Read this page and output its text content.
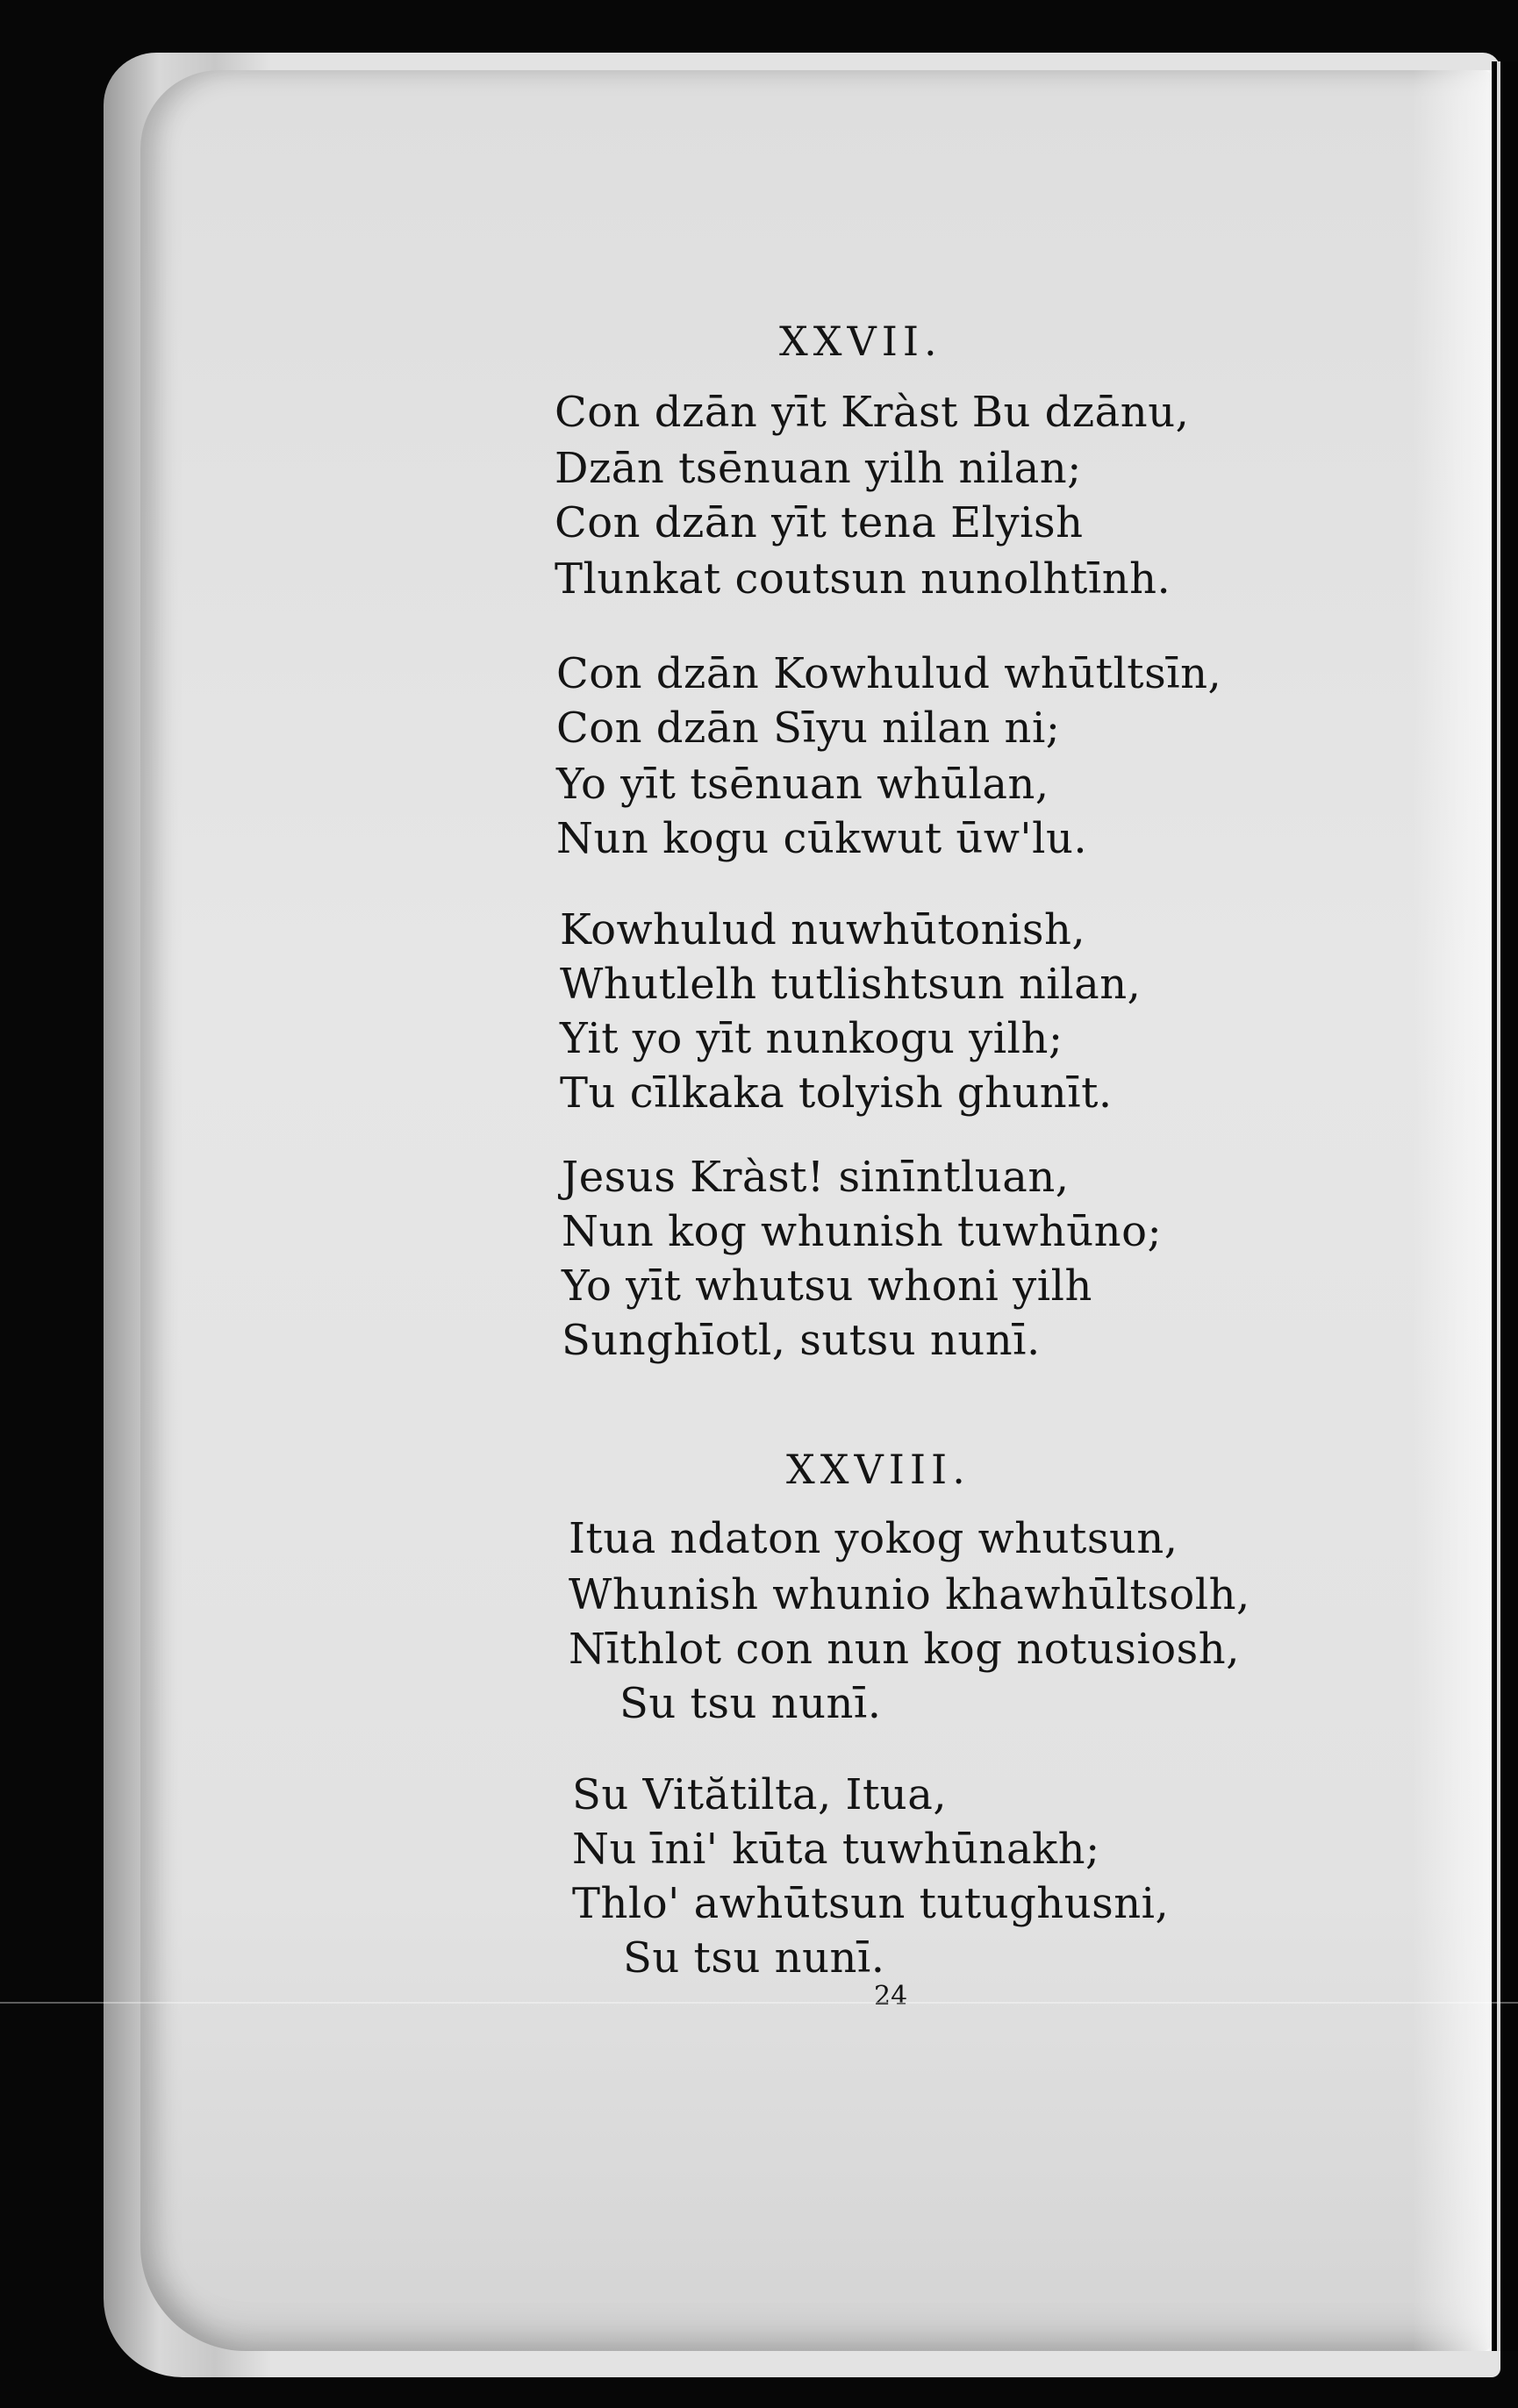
XXVII.
Con dzān yīt Kràst Bu dzānu,
Dzān tsēnuan yilh nilan;
Con dzān yīt tena Elyish
Tlunkat coutsun nunolhtīnh.
Con dzān Kowhulud whūtltsīn,
Con dzān Sīyu nilan ni;
Yo yīt tsēnuan whūlan,
Nun kogu cūkwut ūw'lu.
Kowhulud nuwhūtonish,
Whutlelh tutlishtsun nilan,
Yit yo yīt nunkogu yilh;
Tu cīlkaka tolyish ghunīt.
Jesus Kràst! sinīntluan,
Nun kog whunish tuwhūno;
Yo yīt whutsu whoni yilh
Sunghīotl, sutsu nunī.
XXVIII.
Itua ndaton yokog whutsun,
Whunish whunio khawhūltsolh,
Nīthlot con nun kog notusiosh,
Su tsu nunī.
Su Vitătilta, Itua,
Nu īni' kūta tuwhūnakh;
Thlo' awhūtsun tutughusni,
Su tsu nunī.
24
